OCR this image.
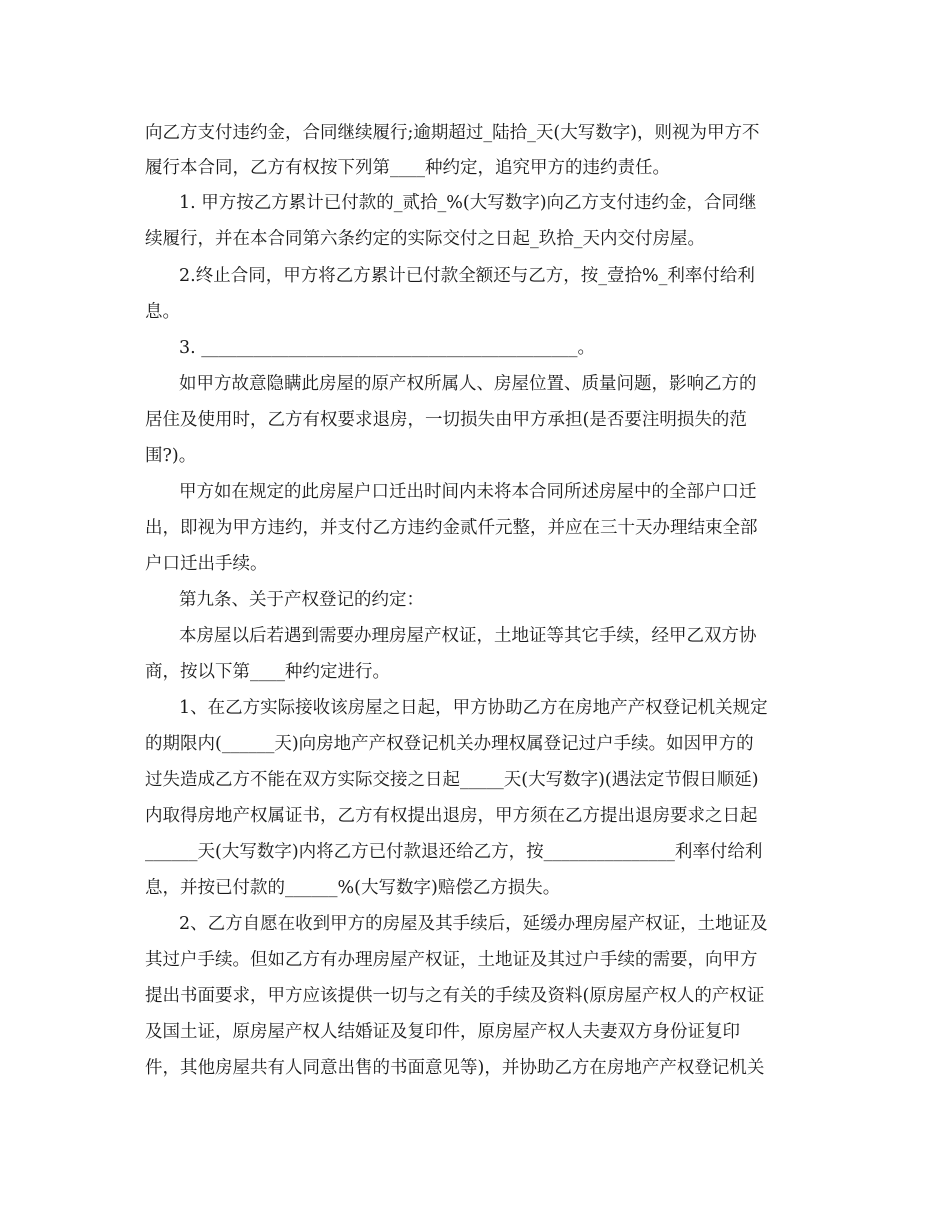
向乙方支付违约金，合同继续履行;逾期超过_陆拾_天(大写数字)，则视为甲方不
履行本合同，乙方有权按下列第____种约定，追究甲方的违约责任。
1. 甲方按乙方累计已付款的_贰拾_%(大写数字)向乙方支付违约金，合同继
续履行，并在本合同第六条约定的实际交付之日起_玖拾_天内交付房屋。
2.终止合同，甲方将乙方累计已付款全额还与乙方，按_壹拾%_利率付给利
息。
3. ___________________________________________。
如甲方故意隐瞒此房屋的原产权所属人、房屋位置、质量问题，影响乙方的
居住及使用时，乙方有权要求退房，一切损失由甲方承担(是否要注明损失的范
围?)。
甲方如在规定的此房屋户口迁出时间内未将本合同所述房屋中的全部户口迁
出，即视为甲方违约，并支付乙方违约金贰仟元整，并应在三十天办理结束全部
户口迁出手续。
第九条、关于产权登记的约定：
本房屋以后若遇到需要办理房屋产权证，土地证等其它手续，经甲乙双方协
商，按以下第____种约定进行。
1、在乙方实际接收该房屋之日起，甲方协助乙方在房地产产权登记机关规定
的期限内(______天)向房地产产权登记机关办理权属登记过户手续。如因甲方的
过失造成乙方不能在双方实际交接之日起_____天(大写数字)(遇法定节假日顺延)
内取得房地产权属证书，乙方有权提出退房，甲方须在乙方提出退房要求之日起
______天(大写数字)内将乙方已付款退还给乙方，按_______________利率付给利
息，并按已付款的______%(大写数字)赔偿乙方损失。
2、乙方自愿在收到甲方的房屋及其手续后，延缓办理房屋产权证，土地证及
其过户手续。但如乙方有办理房屋产权证，土地证及其过户手续的需要，向甲方
提出书面要求，甲方应该提供一切与之有关的手续及资料(原房屋产权人的产权证
及国土证，原房屋产权人结婚证及复印件，原房屋产权人夫妻双方身份证复印
件，其他房屋共有人同意出售的书面意见等)，并协助乙方在房地产产权登记机关
